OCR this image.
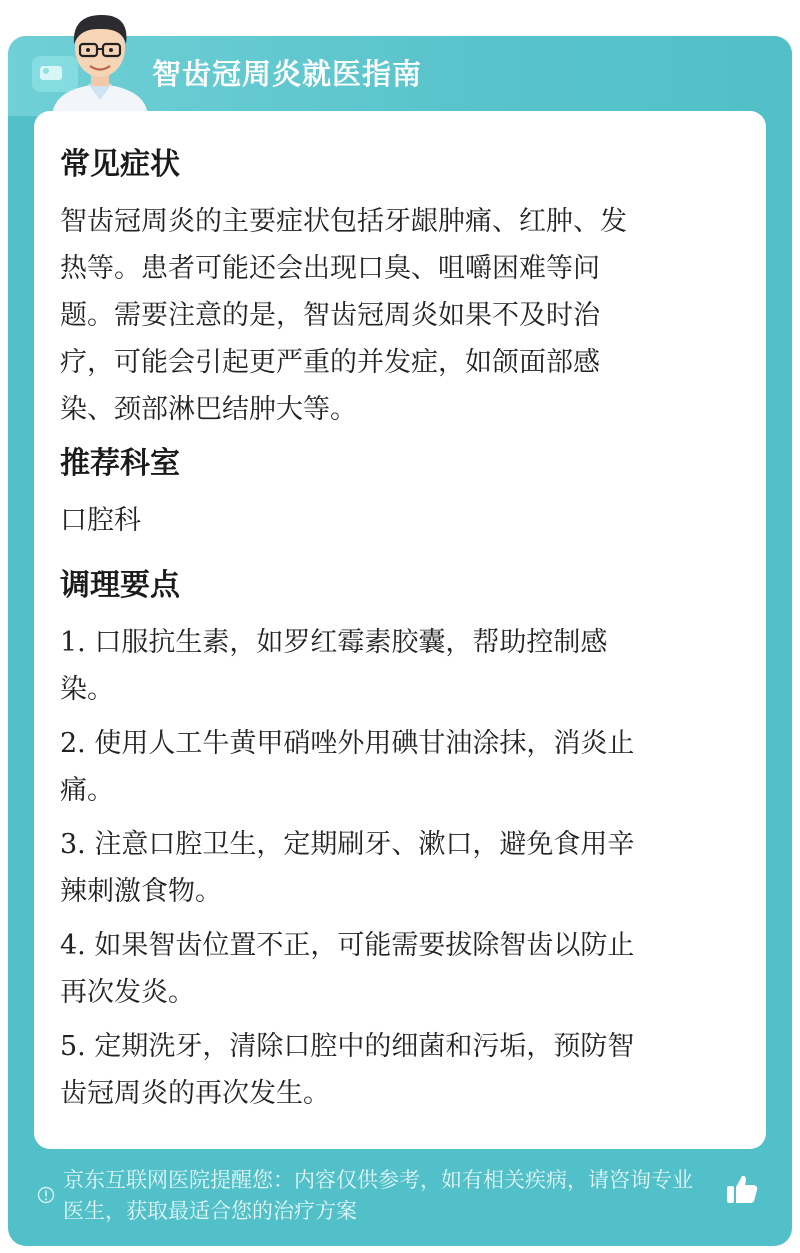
智齿冠周炎就医指南
常见症状
智齿冠周炎的主要症状包括牙龈肿痛、红肿、发
热等。患者可能还会出现口臭、咀嚼困难等问
题。需要注意的是，智齿冠周炎如果不及时治
疗，可能会引起更严重的并发症，如颌面部感
染、颈部淋巴结肿大等。
推荐科室
口腔科
调理要点
1. 口服抗生素，如罗红霉素胶囊，帮助控制感
染。
2. 使用人工牛黄甲硝唑外用碘甘油涂抹，消炎止
痛。
3. 注意口腔卫生，定期刷牙、漱口，避免食用辛
辣刺激食物。
4. 如果智齿位置不正，可能需要拔除智齿以防止
再次发炎。
5. 定期洗牙，清除口腔中的细菌和污垢，预防智
齿冠周炎的再次发生。
京东互联网医院提醒您：内容仅供参考，如有相关疾病，请咨询专业
医生，获取最适合您的治疗方案
